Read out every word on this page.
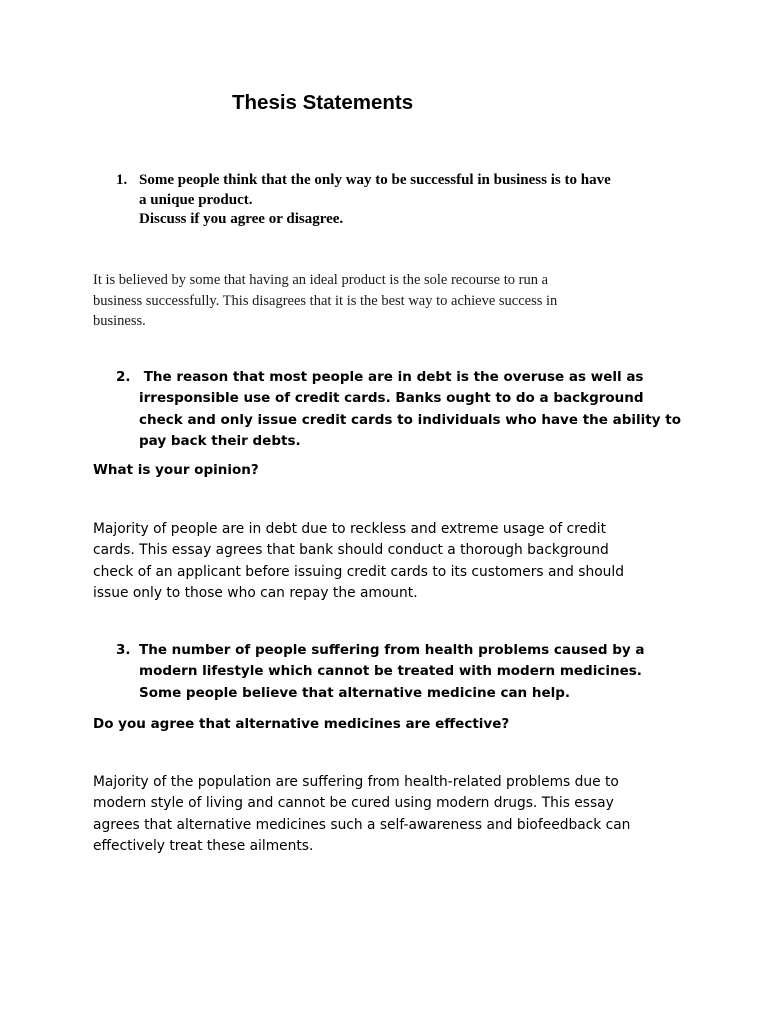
Thesis Statements
1. Some people think that the only way to be successful in business is to have
a unique product.
Discuss if you agree or disagree.
It is believed by some that having an ideal product is the sole recourse to run a
business successfully. This disagrees that it is the best way to achieve success in
business.
2. The reason that most people are in debt is the overuse as well as
irresponsible use of credit cards. Banks ought to do a background
check and only issue credit cards to individuals who have the ability to
pay back their debts.
What is your opinion?
Majority of people are in debt due to reckless and extreme usage of credit
cards. This essay agrees that bank should conduct a thorough background
check of an applicant before issuing credit cards to its customers and should
issue only to those who can repay the amount.
3. The number of people suffering from health problems caused by a
modern lifestyle which cannot be treated with modern medicines.
Some people believe that alternative medicine can help.
Do you agree that alternative medicines are effective?
Majority of the population are suffering from health-related problems due to
modern style of living and cannot be cured using modern drugs. This essay
agrees that alternative medicines such a self-awareness and biofeedback can
effectively treat these ailments.
